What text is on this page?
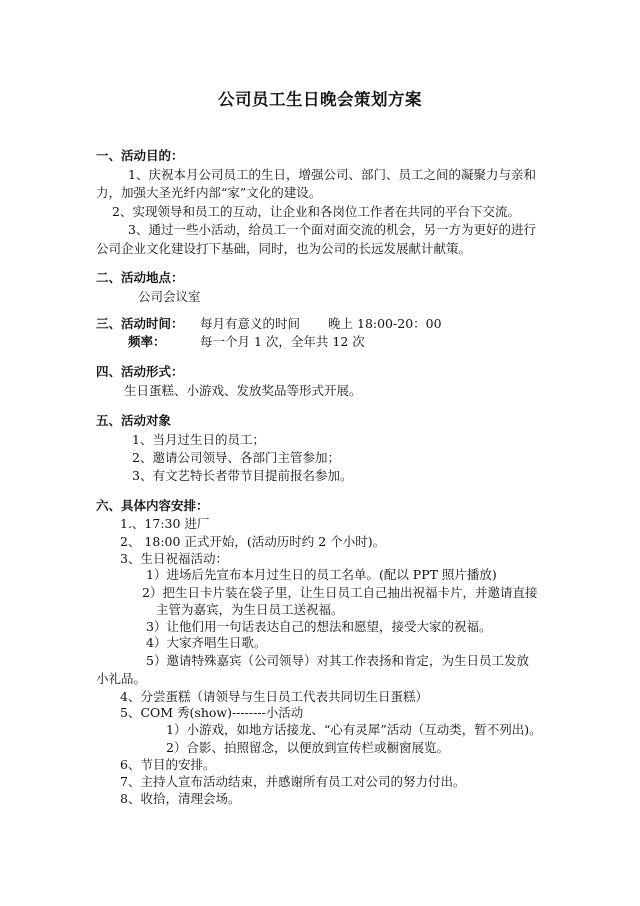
公司员工生日晚会策划方案
一、活动目的：
1、庆祝本月公司员工的生日，增强公司、部门、员工之间的凝聚力与亲和
力，加强大圣光纤内部“家”文化的建设。
2、实现领导和员工的互动，让企业和各岗位工作者在共同的平台下交流。
3、通过一些小活动，给员工一个面对面交流的机会，另一方为更好的进行
公司企业文化建设打下基础，同时，也为公司的长远发展献计献策。
二、活动地点：
公司会议室
三、活动时间： 每月有意义的时间 晚上 18:00-20：00
频率：	每一个月 1 次，全年共 12 次
四、活动形式：
生日蛋糕、小游戏、发放奖品等形式开展。
五、活动对象
1、当月过生日的员工；
2、邀请公司领导、各部门主管参加；
3、有文艺特长者带节目提前报名参加。
六、具体内容安排：
1.、17:30 进厂
2、 18:00 正式开始，(活动历时约 2 个小时)。
3、生日祝福活动：
1）进场后先宣布本月过生日的员工名单。(配以 PPT 照片播放)
2）把生日卡片装在袋子里，让生日员工自己抽出祝福卡片，并邀请直接
主管为嘉宾，为生日员工送祝福。
3）让他们用一句话表达自己的想法和愿望，接受大家的祝福。
4）大家齐唱生日歌。
5）邀请特殊嘉宾（公司领导）对其工作表扬和肯定，为生日员工发放
小礼品。
4、分尝蛋糕（请领导与生日员工代表共同切生日蛋糕）
5、COM 秀(show)--------小活动
1）小游戏，如地方话接龙、“心有灵犀”活动（互动类，暂不列出)。
2）合影、拍照留念，以便放到宣传栏或橱窗展览。
6、节目的安排。
7、主持人宣布活动结束，并感谢所有员工对公司的努力付出。
8、收拾，清理会场。
